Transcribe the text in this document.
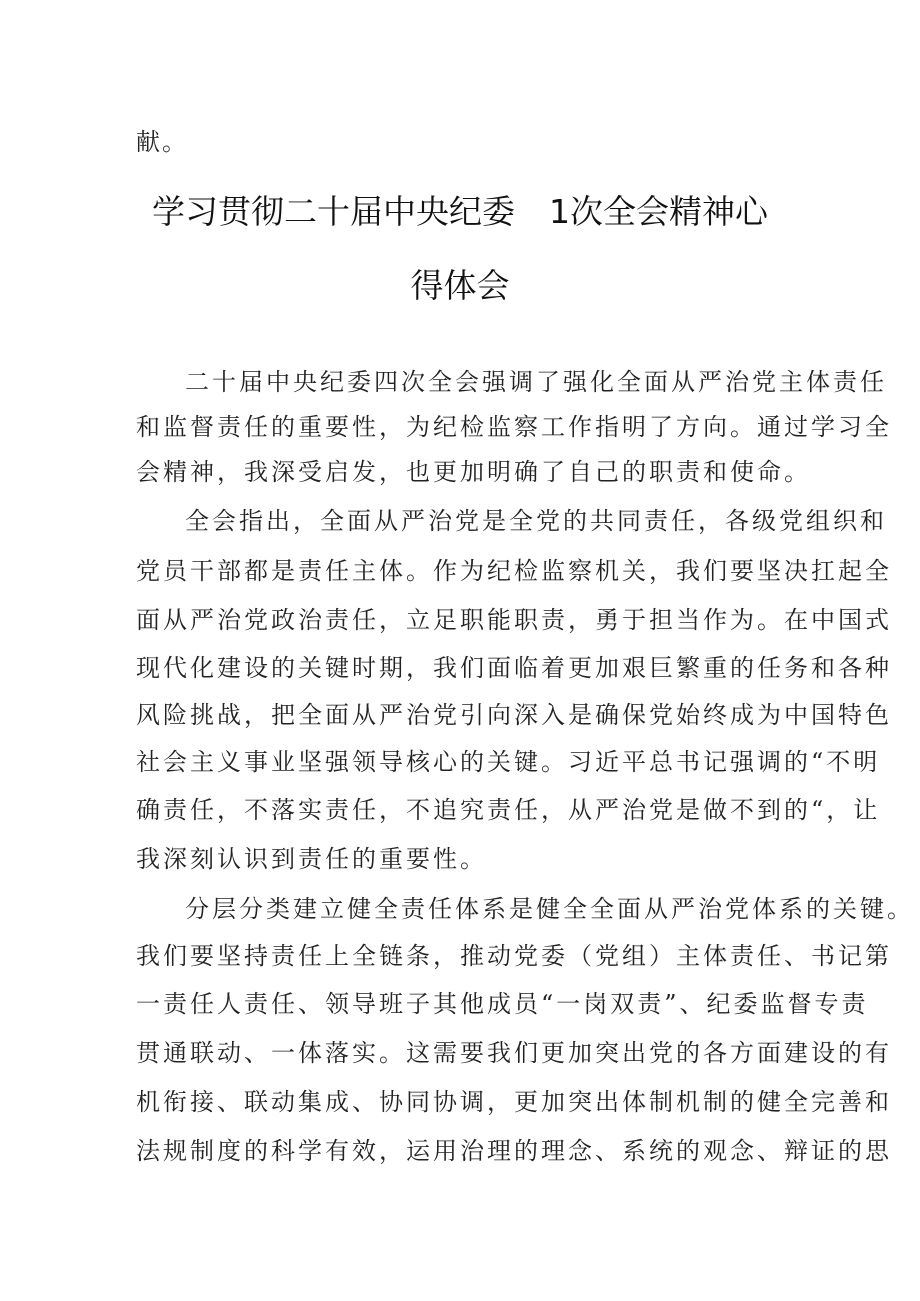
献。
学习贯彻二十届中央纪委 1次全会精神心
得体会
二十届中央纪委四次全会强调了强化全面从严治党主体责任
和监督责任的重要性，为纪检监察工作指明了方向。通过学习全
会精神，我深受启发，也更加明确了自己的职责和使命。
全会指出，全面从严治党是全党的共同责任，各级党组织和
党员干部都是责任主体。作为纪检监察机关，我们要坚决扛起全
面从严治党政治责任，立足职能职责，勇于担当作为。在中国式
现代化建设的关键时期，我们面临着更加艰巨繁重的任务和各种
风险挑战，把全面从严治党引向深入是确保党始终成为中国特色
社会主义事业坚强领导核心的关键。习近平总书记强调的“不明
确责任，不落实责任，不追究责任，从严治党是做不到的“，让
我深刻认识到责任的重要性。
分层分类建立健全责任体系是健全全面从严治党体系的关键。
我们要坚持责任上全链条，推动党委（党组）主体责任、书记第
一责任人责任、领导班子其他成员“一岗双责”、纪委监督专责
贯通联动、一体落实。这需要我们更加突出党的各方面建设的有
机衔接、联动集成、协同协调，更加突出体制机制的健全完善和
法规制度的科学有效，运用治理的理念、系统的观念、辩证的思
